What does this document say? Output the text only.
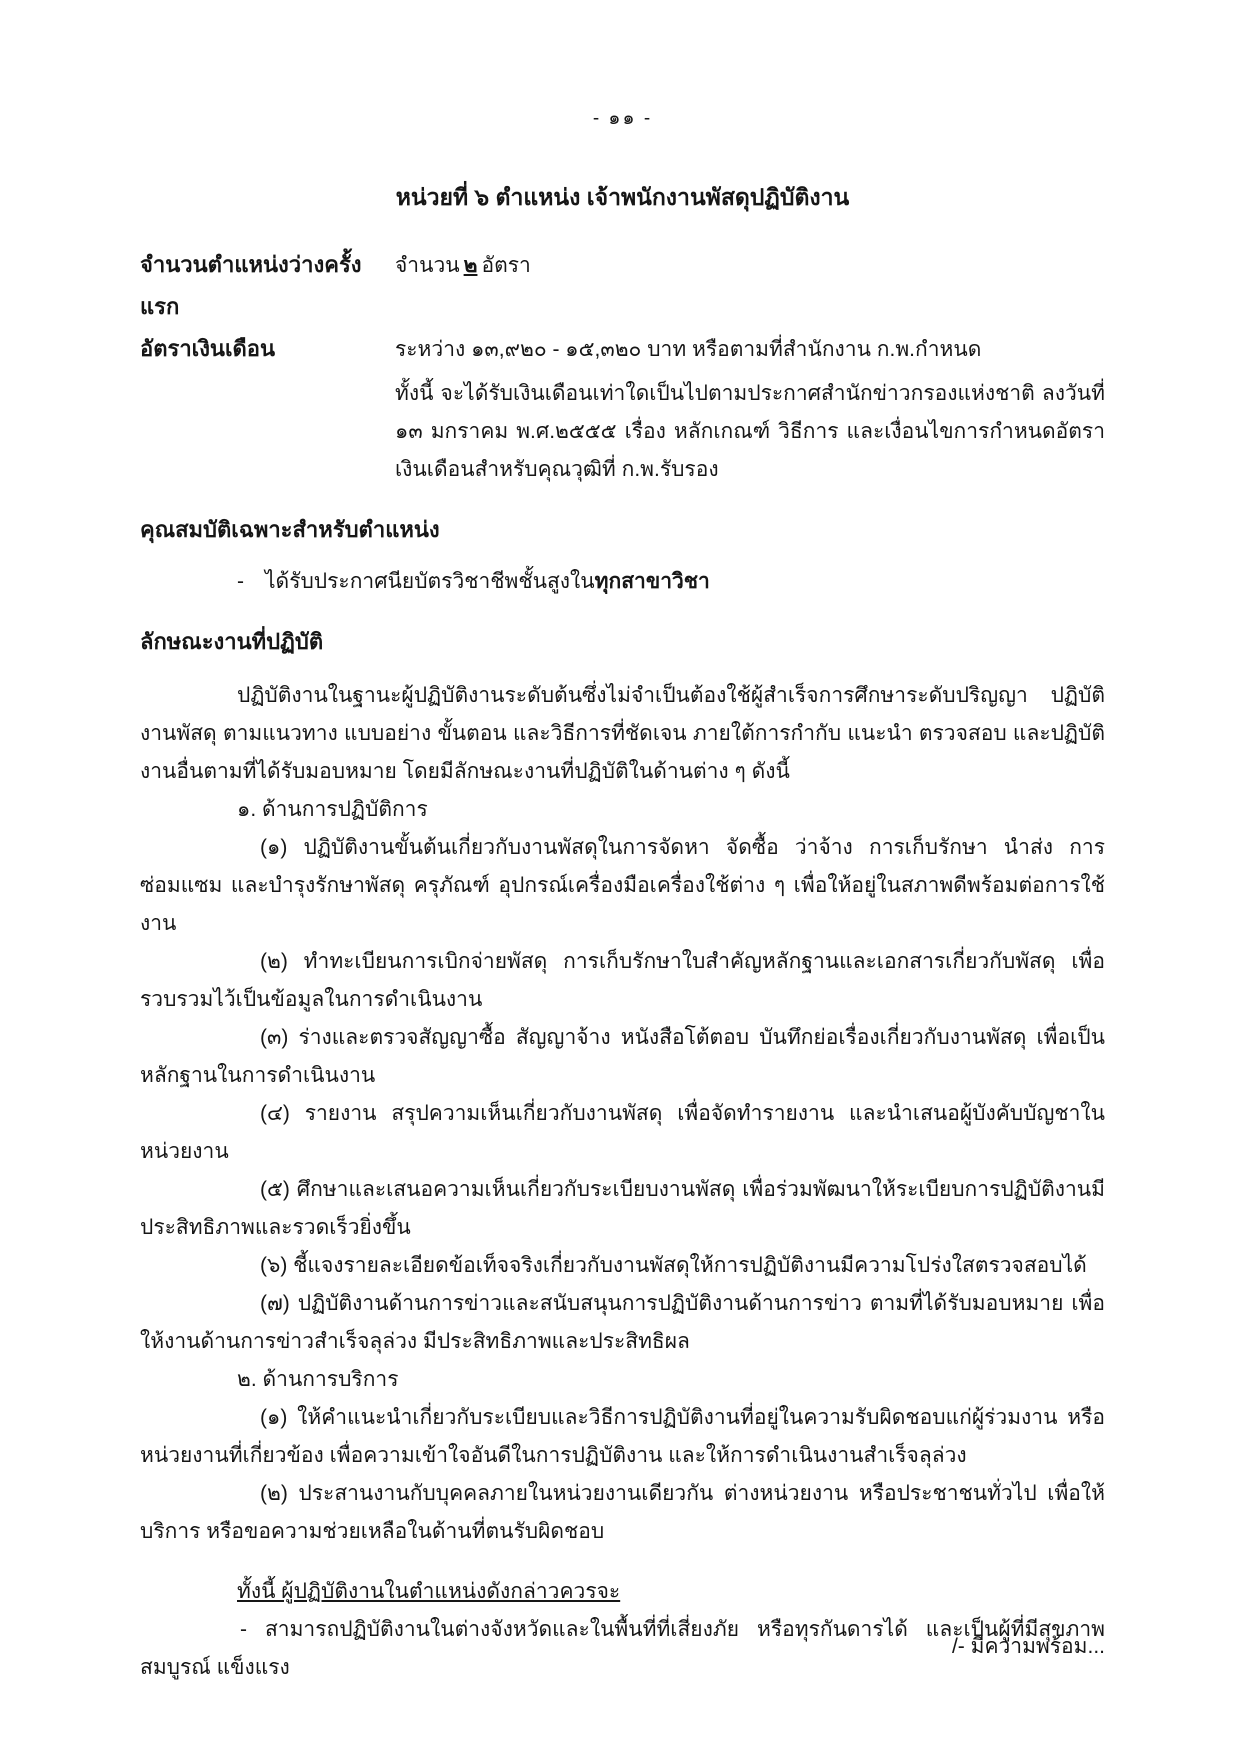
- ๑๑ -
หน่วยที่ ๖ ตำแหน่ง เจ้าพนักงานพัสดุปฏิบัติงาน
จำนวนตำแหน่งว่างครั้งแรก
จำนวน ๒ อัตรา
อัตราเงินเดือน	ระหว่าง ๑๓,๙๒๐ - ๑๕,๓๒๐ บาท หรือตามที่สำนักงาน ก.พ.กำหนด

ทั้งนี้ จะได้รับเงินเดือนเท่าใดเป็นไปตามประกาศสำนักข่าวกรองแห่งชาติ ลงวันที่ ๑๓ มกราคม พ.ศ.๒๕๕๕ เรื่อง หลักเกณฑ์ วิธีการ และเงื่อนไขการกำหนดอัตราเงินเดือนสำหรับคุณวุฒิที่ ก.พ.รับรอง

คุณสมบัติเฉพาะสำหรับตำแหน่ง

- ได้รับประกาศนียบัตรวิชาชีพชั้นสูงในทุกสาขาวิชา

ลักษณะงานที่ปฏิบัติ

ปฏิบัติงานในฐานะผู้ปฏิบัติงานระดับต้นซึ่งไม่จำเป็นต้องใช้ผู้สำเร็จการศึกษาระดับปริญญา ปฏิบัติงานพัสดุ ตามแนวทาง แบบอย่าง ขั้นตอน และวิธีการที่ชัดเจน ภายใต้การกำกับ แนะนำ ตรวจสอบ และปฏิบัติงานอื่นตามที่ได้รับมอบหมาย โดยมีลักษณะงานที่ปฏิบัติในด้านต่าง ๆ ดังนี้

๑. ด้านการปฏิบัติการ

(๑) ปฏิบัติงานขั้นต้นเกี่ยวกับงานพัสดุในการจัดหา จัดซื้อ ว่าจ้าง การเก็บรักษา นำส่ง การซ่อมแซม และบำรุงรักษาพัสดุ ครุภัณฑ์ อุปกรณ์เครื่องมือเครื่องใช้ต่าง ๆ เพื่อให้อยู่ในสภาพดีพร้อมต่อการใช้งาน

(๒) ทำทะเบียนการเบิกจ่ายพัสดุ การเก็บรักษาใบสำคัญหลักฐานและเอกสารเกี่ยวกับพัสดุ เพื่อรวบรวมไว้เป็นข้อมูลในการดำเนินงาน

(๓) ร่างและตรวจสัญญาซื้อ สัญญาจ้าง หนังสือโต้ตอบ บันทึกย่อเรื่องเกี่ยวกับงานพัสดุ เพื่อเป็นหลักฐานในการดำเนินงาน

(๔) รายงาน สรุปความเห็นเกี่ยวกับงานพัสดุ เพื่อจัดทำรายงาน และนำเสนอผู้บังคับบัญชาในหน่วยงาน

(๕) ศึกษาและเสนอความเห็นเกี่ยวกับระเบียบงานพัสดุ เพื่อร่วมพัฒนาให้ระเบียบการปฏิบัติงานมีประสิทธิภาพและรวดเร็วยิ่งขึ้น

(๖) ชี้แจงรายละเอียดข้อเท็จจริงเกี่ยวกับงานพัสดุให้การปฏิบัติงานมีความโปร่งใสตรวจสอบได้

(๗) ปฏิบัติงานด้านการข่าวและสนับสนุนการปฏิบัติงานด้านการข่าว ตามที่ได้รับมอบหมาย เพื่อให้งานด้านการข่าวสำเร็จลุล่วง มีประสิทธิภาพและประสิทธิผล

๒. ด้านการบริการ

(๑) ให้คำแนะนำเกี่ยวกับระเบียบและวิธีการปฏิบัติงานที่อยู่ในความรับผิดชอบแก่ผู้ร่วมงาน หรือหน่วยงานที่เกี่ยวข้อง เพื่อความเข้าใจอันดีในการปฏิบัติงาน และให้การดำเนินงานสำเร็จลุล่วง

(๒) ประสานงานกับบุคคลภายในหน่วยงานเดียวกัน ต่างหน่วยงาน หรือประชาชนทั่วไป เพื่อให้บริการ หรือขอความช่วยเหลือในด้านที่ตนรับผิดชอบ

ทั้งนี้ ผู้ปฏิบัติงานในตำแหน่งดังกล่าวควรจะ

- สามารถปฏิบัติงานในต่างจังหวัดและในพื้นที่ที่เสี่ยงภัย หรือทุรกันดารได้ และเป็นผู้ที่มีสุขภาพสมบูรณ์ แข็งแรง

/- มีความพร้อม...
